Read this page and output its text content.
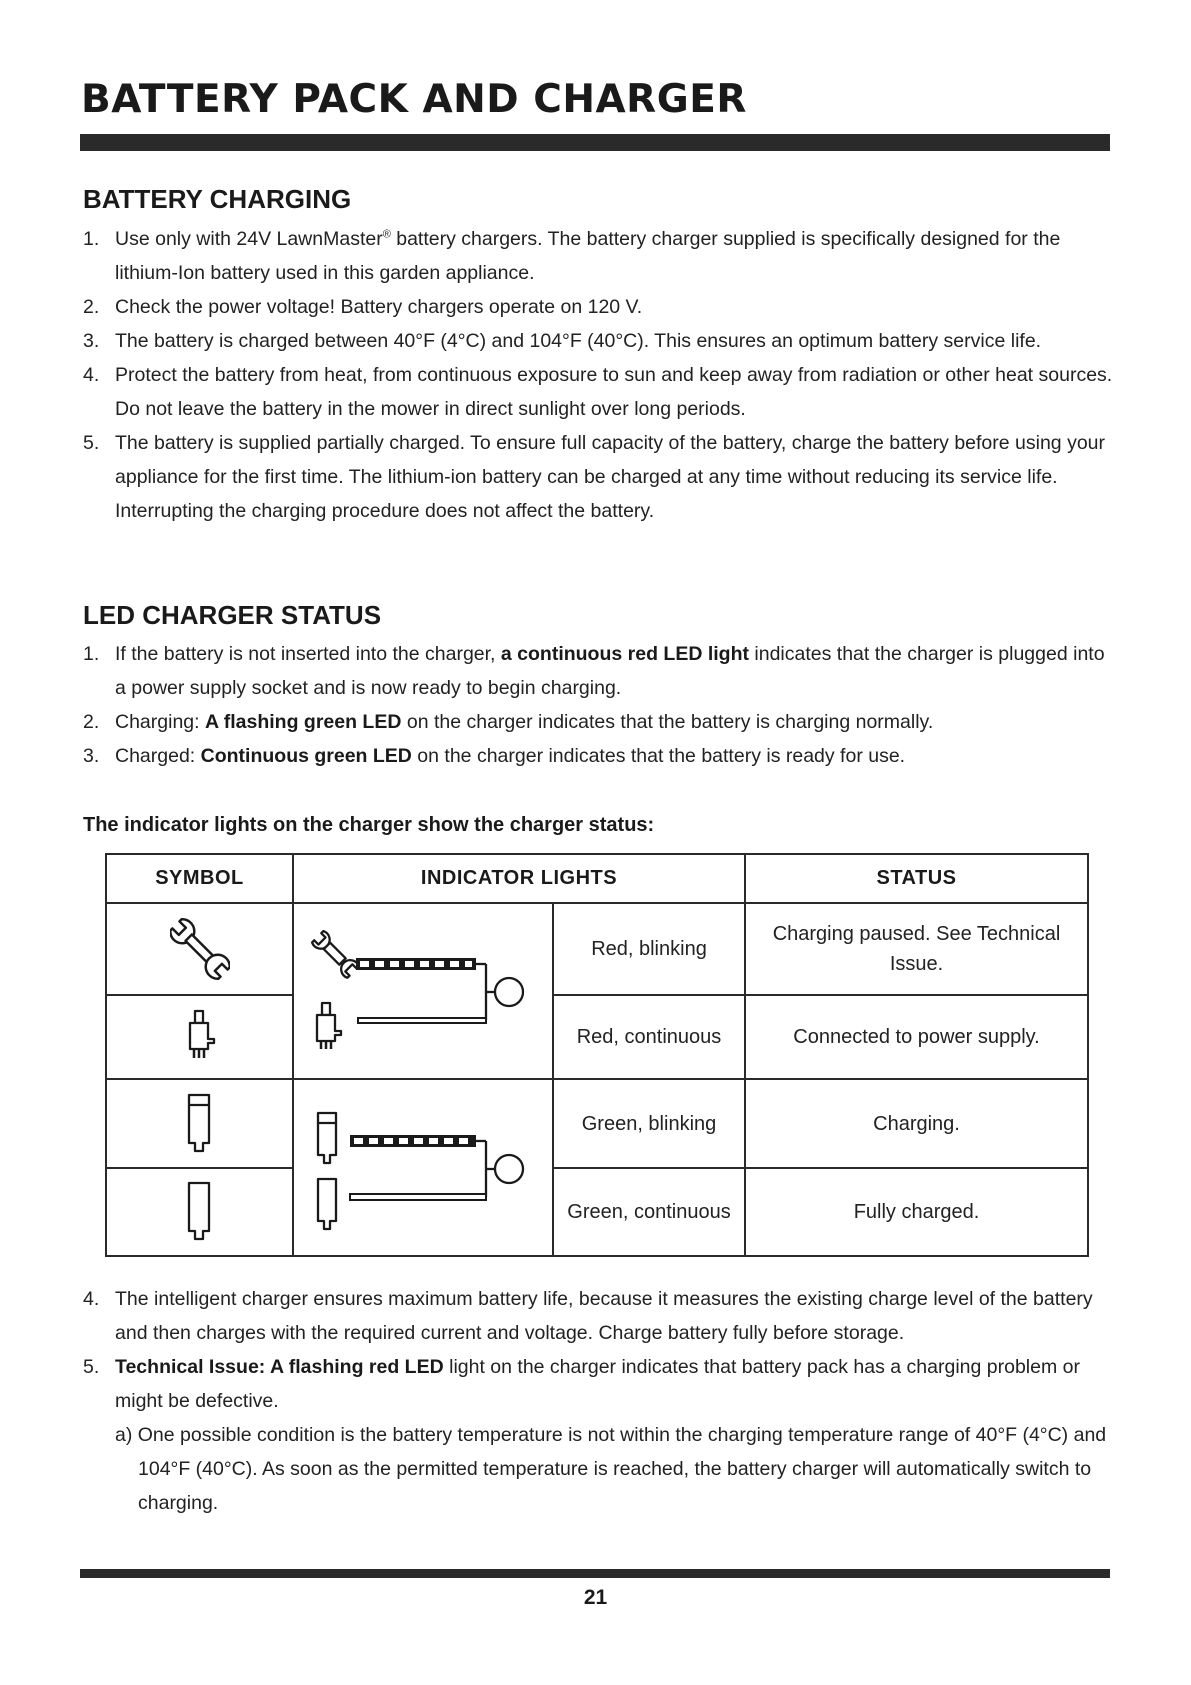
BATTERY PACK AND CHARGER
BATTERY CHARGING
1. Use only with 24V LawnMaster® battery chargers. The battery charger supplied is specifically designed for the lithium-Ion battery used in this garden appliance.
2. Check the power voltage! Battery chargers operate on 120 V.
3. The battery is charged between 40°F (4°C) and 104°F (40°C). This ensures an optimum battery service life.
4. Protect the battery from heat, from continuous exposure to sun and keep away from radiation or other heat sources. Do not leave the battery in the mower in direct sunlight over long periods.
5. The battery is supplied partially charged. To ensure full capacity of the battery, charge the battery before using your appliance for the first time. The lithium-ion battery can be charged at any time without reducing its service life. Interrupting the charging procedure does not affect the battery.
LED CHARGER STATUS
1. If the battery is not inserted into the charger, a continuous red LED light indicates that the charger is plugged into a power supply socket and is now ready to begin charging.
2. Charging: A flashing green LED on the charger indicates that the battery is charging normally.
3. Charged: Continuous green LED on the charger indicates that the battery is ready for use.

The indicator lights on the charger show the charger status:

SYMBOL	INDICATOR LIGHTS		STATUS

	Red, blinking	Charging paused. See Technical Issue.

	Red, continuous	Connected to power supply.

	Green, blinking	Charging.

	Green, continuous	Fully charged.
4. The intelligent charger ensures maximum battery life, because it measures the existing charge level of the battery and then charges with the required current and voltage. Charge battery fully before storage.
5. Technical Issue: A flashing red LED light on the charger indicates that battery pack has a charging problem or might be defective.
a) One possible condition is the battery temperature is not within the charging temperature range of 40°F (4°C) and 104°F (40°C). As soon as the permitted temperature is reached, the battery charger will automatically switch to charging.
21
